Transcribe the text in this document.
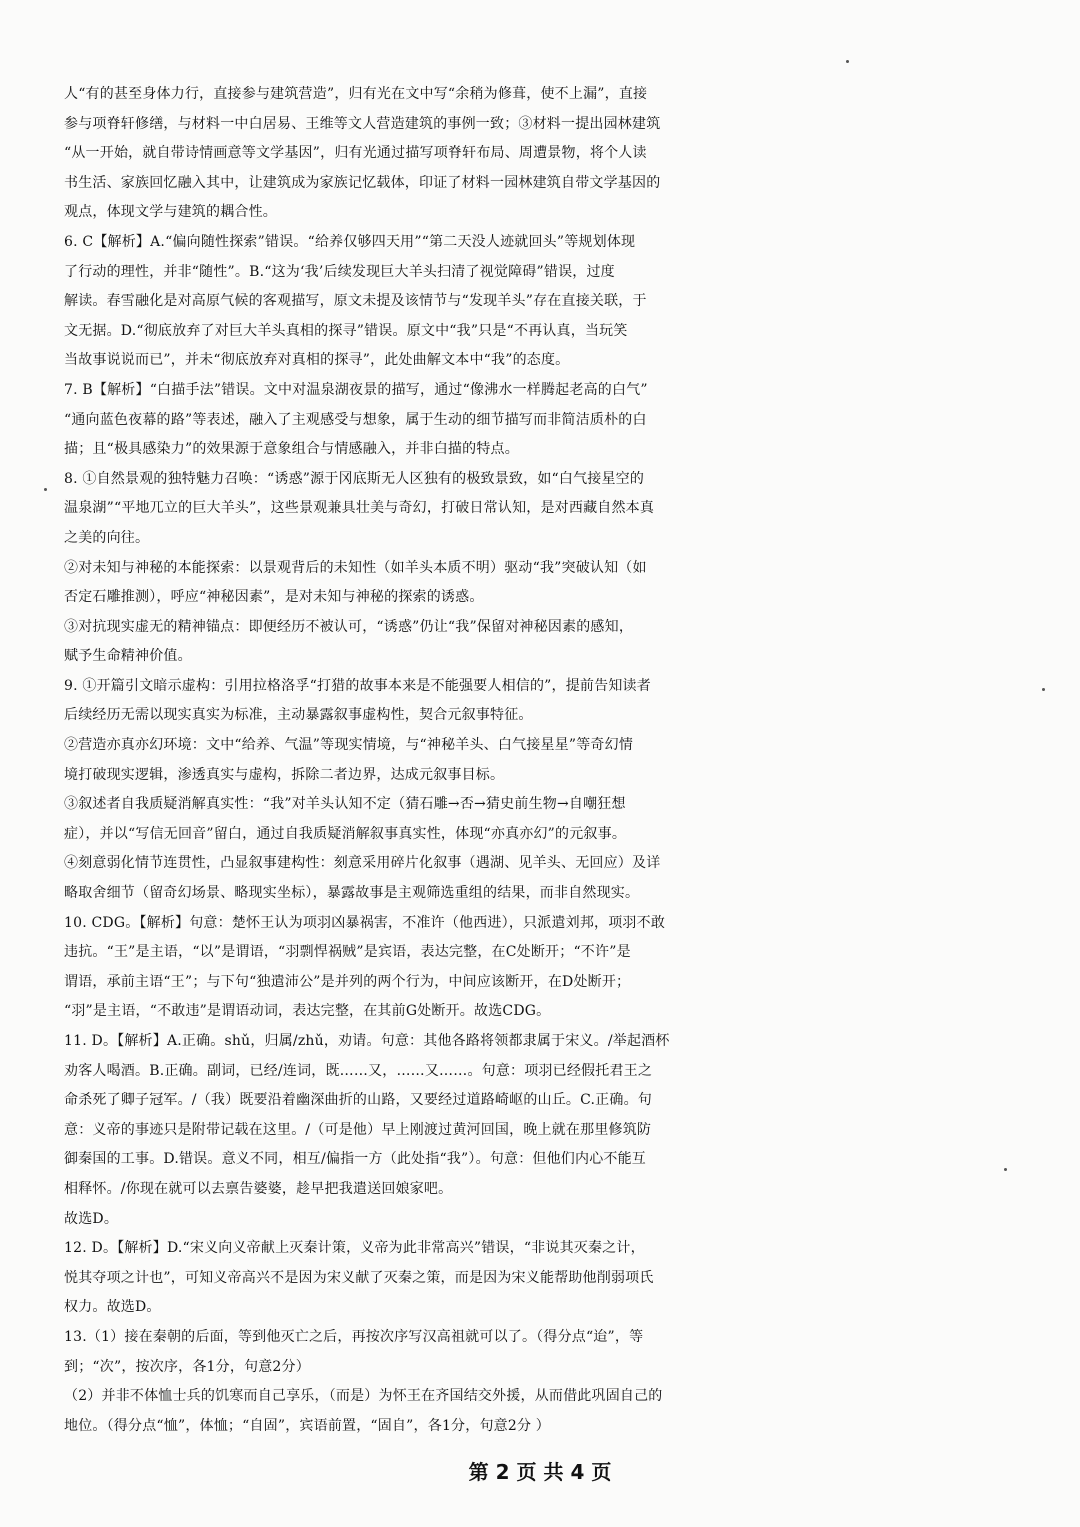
人“有的甚至身体力行，直接参与建筑营造”，归有光在文中写“余稍为修葺，使不上漏”，直接
参与项脊轩修缮，与材料一中白居易、王维等文人营造建筑的事例一致；③材料一提出园林建筑
“从一开始，就自带诗情画意等文学基因”，归有光通过描写项脊轩布局、周遭景物，将个人读
书生活、家族回忆融入其中，让建筑成为家族记忆载体，印证了材料一园林建筑自带文学基因的
观点，体现文学与建筑的耦合性。
6. C【解析】A.“偏向随性探索”错误。“给养仅够四天用”“第二天没人迹就回头”等规划体现
了行动的理性，并非“随性”。B.“这为‘我’后续发现巨大羊头扫清了视觉障碍”错误，过度
解读。春雪融化是对高原气候的客观描写，原文未提及该情节与“发现羊头”存在直接关联，于
文无据。D.“彻底放弃了对巨大羊头真相的探寻”错误。原文中“我”只是“不再认真，当玩笑
当故事说说而已”，并未“彻底放弃对真相的探寻”，此处曲解文本中“我”的态度。
7. B【解析】“白描手法”错误。文中对温泉湖夜景的描写，通过“像沸水一样腾起老高的白气”
“通向蓝色夜幕的路”等表述，融入了主观感受与想象，属于生动的细节描写而非简洁质朴的白
描；且“极具感染力”的效果源于意象组合与情感融入，并非白描的特点。
8. ①自然景观的独特魅力召唤：“诱惑”源于冈底斯无人区独有的极致景致，如“白气接星空的
温泉湖”“平地兀立的巨大羊头”，这些景观兼具壮美与奇幻，打破日常认知，是对西藏自然本真
之美的向往。
②对未知与神秘的本能探索：以景观背后的未知性（如羊头本质不明）驱动“我”突破认知（如
否定石雕推测），呼应“神秘因素”，是对未知与神秘的探索的诱惑。
③对抗现实虚无的精神锚点：即便经历不被认可，“诱惑”仍让“我”保留对神秘因素的感知，
赋予生命精神价值。
9. ①开篇引文暗示虚构：引用拉格洛孚“打猎的故事本来是不能强要人相信的”，提前告知读者
后续经历无需以现实真实为标准，主动暴露叙事虚构性，契合元叙事特征。
②营造亦真亦幻环境：文中“给养、气温”等现实情境，与“神秘羊头、白气接星星”等奇幻情
境打破现实逻辑，渗透真实与虚构，拆除二者边界，达成元叙事目标。
③叙述者自我质疑消解真实性：“我”对羊头认知不定（猜石雕→否→猜史前生物→自嘲狂想
症），并以“写信无回音”留白，通过自我质疑消解叙事真实性，体现“亦真亦幻”的元叙事。
④刻意弱化情节连贯性，凸显叙事建构性：刻意采用碎片化叙事（遇湖、见羊头、无回应）及详
略取舍细节（留奇幻场景、略现实坐标），暴露故事是主观筛选重组的结果，而非自然现实。
10. CDG。【解析】句意：楚怀王认为项羽凶暴祸害，不准许（他西进），只派遣刘邦，项羽不敢
违抗。“王”是主语，“以”是谓语，“羽剽悍祸贼”是宾语，表达完整，在C处断开；“不许”是
谓语，承前主语“王”；与下句“独遣沛公”是并列的两个行为，中间应该断开，在D处断开；
“羽”是主语，“不敢违”是谓语动词，表达完整，在其前G处断开。故选CDG。
11. D。【解析】A.正确。shǔ，归属/zhǔ，劝请。句意：其他各路将领都隶属于宋义。/举起酒杯
劝客人喝酒。B.正确。副词，已经/连词，既……又，……又……。句意：项羽已经假托君王之
命杀死了卿子冠军。/（我）既要沿着幽深曲折的山路，又要经过道路崎岖的山丘。C.正确。句
意：义帝的事迹只是附带记载在这里。/（可是他）早上刚渡过黄河回国，晚上就在那里修筑防
御秦国的工事。D.错误。意义不同，相互/偏指一方（此处指“我”）。句意：但他们内心不能互
相释怀。/你现在就可以去禀告婆婆，趁早把我遣送回娘家吧。
故选D。
12. D。【解析】D.“宋义向义帝献上灭秦计策，义帝为此非常高兴”错误，“非说其灭秦之计，
悦其夺项之计也”，可知义帝高兴不是因为宋义献了灭秦之策，而是因为宋义能帮助他削弱项氏
权力。故选D。
13.（1）接在秦朝的后面，等到他灭亡之后，再按次序写汉高祖就可以了。（得分点“迨”，等
到；“次”，按次序，各1分，句意2分）
（2）并非不体恤士兵的饥寒而自己享乐，（而是）为怀王在齐国结交外援，从而借此巩固自己的
地位。（得分点“恤”，体恤；“自固”，宾语前置，“固自”，各1分，句意2分 ）
第 2 页 共 4 页
